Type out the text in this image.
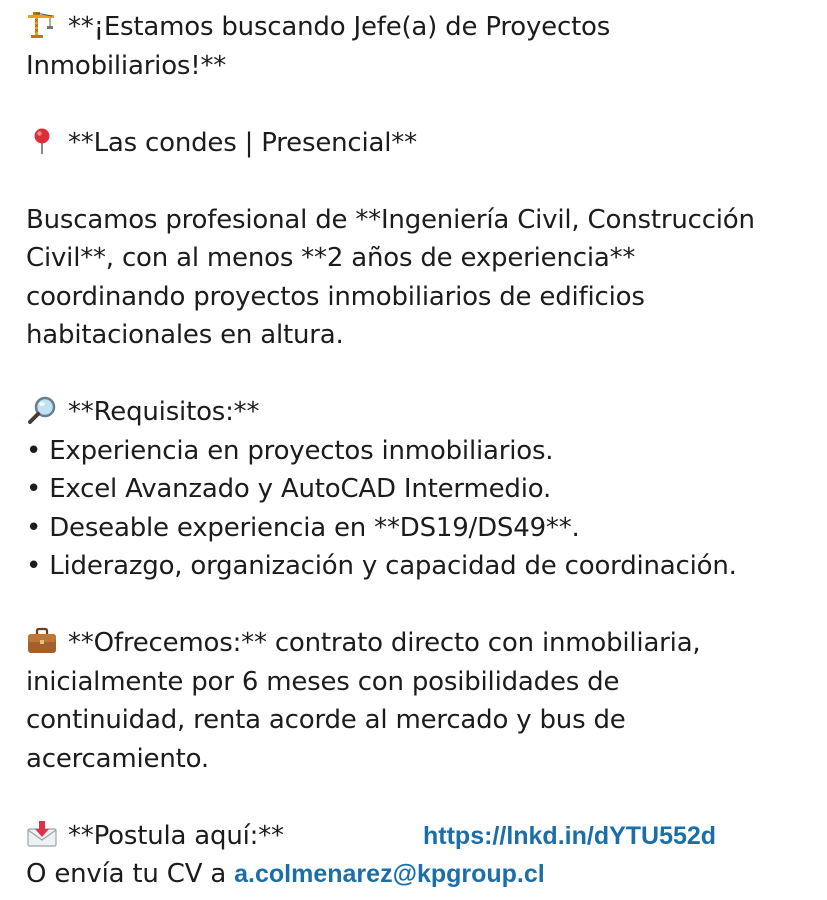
**¡Estamos buscando Jefe(a) de Proyectos
Inmobiliarios!**
**Las condes | Presencial**
Buscamos profesional de **Ingeniería Civil, Construcción
Civil**, con al menos **2 años de experiencia**
coordinando proyectos inmobiliarios de edificios
habitacionales en altura.
**Requisitos:**
• Experiencia en proyectos inmobiliarios.
• Excel Avanzado y AutoCAD Intermedio.
• Deseable experiencia en **DS19/DS49**.
• Liderazgo, organización y capacidad de coordinación.
**Ofrecemos:** contrato directo con inmobiliaria,
inicialmente por 6 meses con posibilidades de
continuidad, renta acorde al mercado y bus de
acercamiento.
**Postula aquí:**	https://lnkd.in/dYTU552d
O envía tu CV a a.colmenarez@kpgroup.cl
